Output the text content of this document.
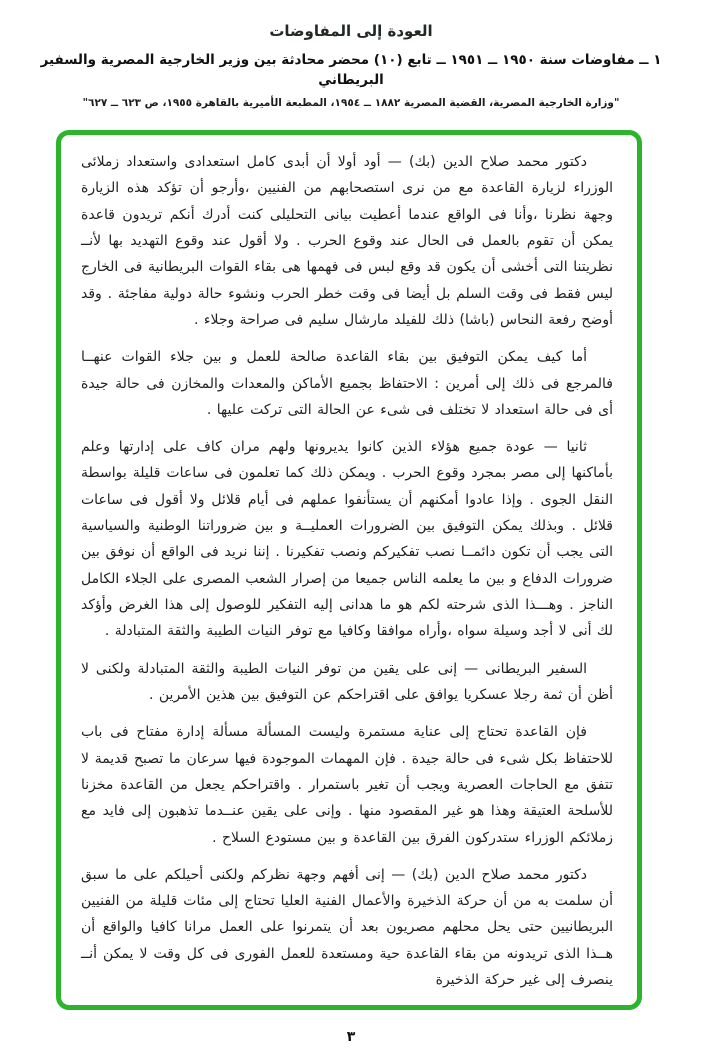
العودة إلى المفاوضات
١ ــ مفاوضات سنة ١٩٥٠ ــ ١٩٥١ ــ تابع (١٠) محضر محادثة بين وزير الخارجية المصرية والسفير البريطاني
"وزارة الخارجية المصرية، القضية المصرية ١٨٨٢ ــ ١٩٥٤، المطبعة الأميرية بالقاهرة ١٩٥٥، ص ٦٢٣ ــ ٦٢٧"

دكتور محمد صلاح الدين (بك) — أود أولا أن أبدى كامل استعدادى واستعداد زملائى الوزراء لزيارة القاعدة مع من نرى استصحابهم من الفنيين ،وأرجو أن تؤكد هذه الزيارة وجهة نظرنا ،وأنا فى الواقع عندما أعطيت بيانى التحليلى كنت أدرك أنكم تريدون قاعدة يمكن أن تقوم بالعمل فى الحال عند وقوع الحرب . ولا أقول عند وقوع التهديد بها لأنــ نظريتنا التى أخشى أن يكون قد وقع لبس فى فهمها هى بقاء القوات البريطانية فى الخارج ليس فقط فى وقت السلم بل أيضا فى وقت خطر الحرب ونشوء حالة دولية مفاجئة . وقد أوضح رفعة النحاس (باشا) ذلك للفيلد مارشال سليم فى صراحة وجلاء .

أما كيف يمكن التوفيق بين بقاء القاعدة صالحة للعمل و بين جلاء القوات عنهــا فالمرجع فى ذلك إلى أمرين : الاحتفاظ بجميع الأماكن والمعدات والمخازن فى حالة جيدة أى فى حالة استعداد لا تختلف فى شىء عن الحالة التى تركت عليها .

ثانيا — عودة جميع هؤلاء الذين كانوا يديرونها ولهم مران كاف على إدارتها وعلم بأماكنها إلى مصر بمجرد وقوع الحرب . ويمكن ذلك كما تعلمون فى ساعات قليلة بواسطة النقل الجوى . وإذا عادوا أمكنهم أن يستأنفوا عملهم فى أيام قلائل ولا أقول فى ساعات قلائل . وبذلك يمكن التوفيق بين الضرورات العمليــة و بين ضروراتنا الوطنية والسياسية التى يجب أن تكون دائمــا نصب تفكيركم ونصب تفكيرنا . إننا نريد فى الواقع أن نوفق بين ضرورات الدفاع و بين ما يعلمه الناس جميعا من إصرار الشعب المصرى على الجلاء الكامل الناجز . وهـــذا الذى شرحته لكم هو ما هدانى إليه التفكير للوصول إلى هذا الغرض وأؤكد لك أنى لا أجد وسيلة سواه ،وأراه موافقا وكافيا مع توفر النيات الطيبة والثقة المتبادلة .

السفير البريطانى — إنى على يقين من توفر النيات الطيبة والثقة المتبادلة ولكنى لا أظن أن ثمة رجلا عسكريا يوافق على اقتراحكم عن التوفيق بين هذين الأمرين .

فإن القاعدة تحتاج إلى عناية مستمرة وليست المسألة مسألة إدارة مفتاح فى باب للاحتفاظ بكل شىء فى حالة جيدة . فإن المهمات الموجودة فيها سرعان ما تصبح قديمة لا تتفق مع الحاجات العصرية ويجب أن تغير باستمرار . واقتراحكم يجعل من القاعدة مخزنا للأسلحة العتيقة وهذا هو غير المقصود منها . وإنى على يقين عنــدما تذهبون إلى فايد مع زملائكم الوزراء ستدركون الفرق بين القاعدة و بين مستودع السلاح .

دكتور محمد صلاح الدين (بك) — إنى أفهم وجهة نظركم ولكنى أحيلكم على ما سبق أن سلمت به من أن حركة الذخيرة والأعمال الفنية العليا تحتاج إلى مئات قليلة من الفنيين البريطانيين حتى يحل محلهم مصريون بعد أن يتمرنوا على العمل مرانا كافيا والواقع أن هــذا الذى تريدونه من بقاء القاعدة حية ومستعدة للعمل الفورى فى كل وقت لا يمكن أنــ ينصرف إلى غير حركة الذخيرة

٣
